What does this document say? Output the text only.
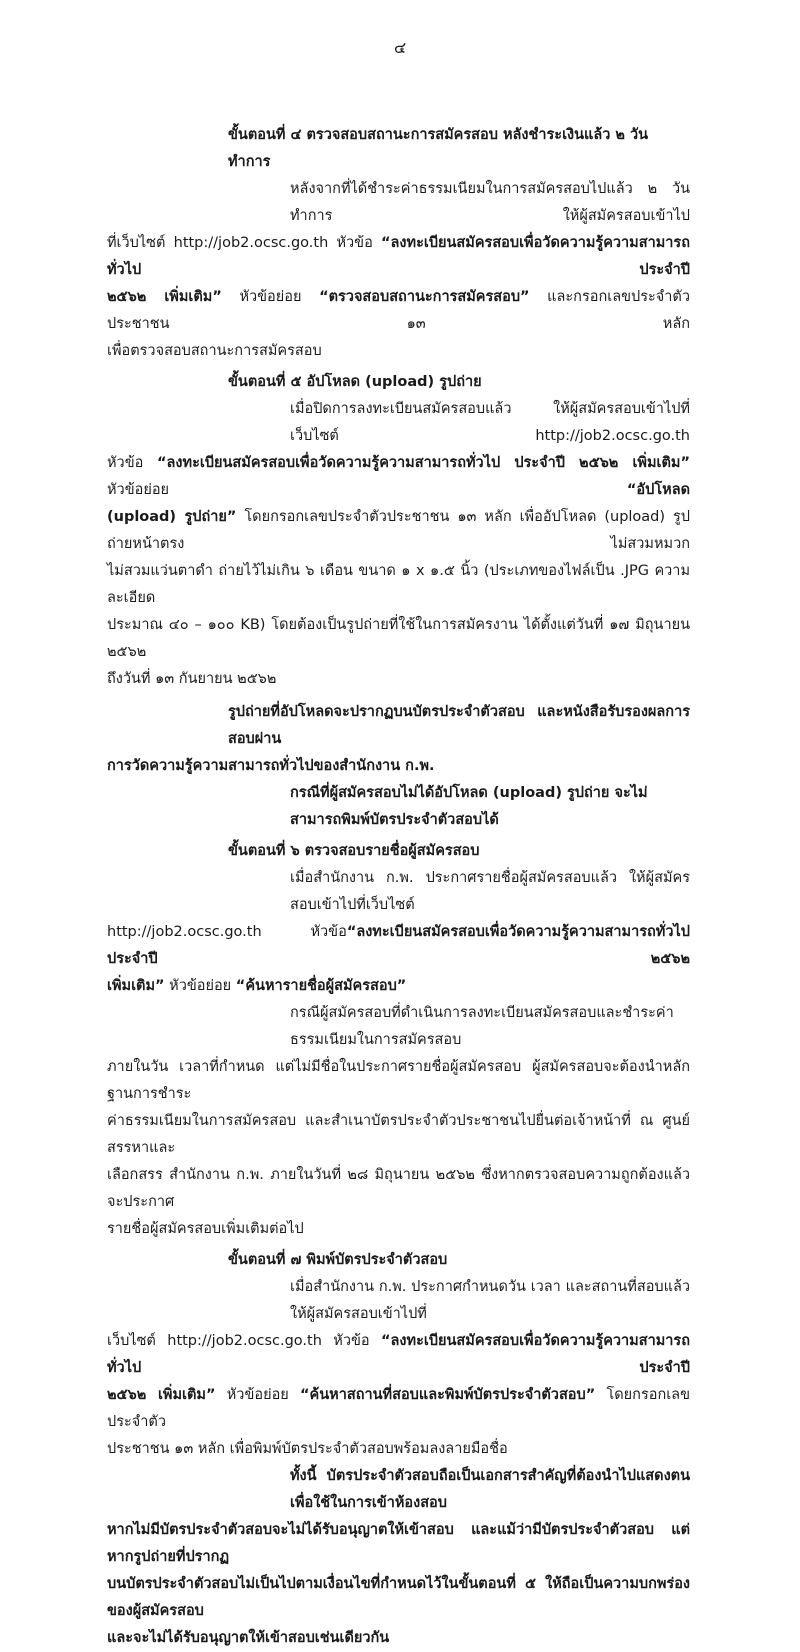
๔
ขั้นตอนที่ ๔ ตรวจสอบสถานะการสมัครสอบ หลังชำระเงินแล้ว ๒ วันทำการ
หลังจากที่ได้ชำระค่าธรรมเนียมในการสมัครสอบไปแล้ว ๒ วันทำการ ให้ผู้สมัครสอบเข้าไป
ที่เว็บไซต์ http://job2.ocsc.go.th หัวข้อ “ลงทะเบียนสมัครสอบเพื่อวัดความรู้ความสามารถทั่วไป ประจำปี
๒๕๖๒ เพิ่มเติม” หัวข้อย่อย “ตรวจสอบสถานะการสมัครสอบ” และกรอกเลขประจำตัวประชาชน ๑๓ หลัก
เพื่อตรวจสอบสถานะการสมัครสอบ
ขั้นตอนที่ ๕ อัปโหลด (upload) รูปถ่าย
เมื่อปิดการลงทะเบียนสมัครสอบแล้ว ให้ผู้สมัครสอบเข้าไปที่เว็บไซต์ http://job2.ocsc.go.th
หัวข้อ “ลงทะเบียนสมัครสอบเพื่อวัดความรู้ความสามารถทั่วไป ประจำปี ๒๕๖๒ เพิ่มเติม” หัวข้อย่อย “อัปโหลด
(upload) รูปถ่าย” โดยกรอกเลขประจำตัวประชาชน ๑๓ หลัก เพื่ออัปโหลด (upload) รูปถ่ายหน้าตรง ไม่สวมหมวก
ไม่สวมแว่นตาดำ ถ่ายไว้ไม่เกิน ๖ เดือน ขนาด ๑ x ๑.๕ นิ้ว (ประเภทของไฟล์เป็น .JPG ความละเอียด
ประมาณ ๔๐ – ๑๐๐ KB) โดยต้องเป็นรูปถ่ายที่ใช้ในการสมัครงาน ได้ตั้งแต่วันที่ ๑๗ มิถุนายน ๒๕๖๒
ถึงวันที่ ๑๓ กันยายน ๒๕๖๒
รูปถ่ายที่อัปโหลดจะปรากฏบนบัตรประจำตัวสอบ และหนังสือรับรองผลการสอบผ่าน
การวัดความรู้ความสามารถทั่วไปของสำนักงาน ก.พ.
กรณีที่ผู้สมัครสอบไม่ได้อัปโหลด (upload) รูปถ่าย จะไม่สามารถพิมพ์บัตรประจำตัวสอบได้
ขั้นตอนที่ ๖ ตรวจสอบรายชื่อผู้สมัครสอบ
เมื่อสำนักงาน ก.พ. ประกาศรายชื่อผู้สมัครสอบแล้ว ให้ผู้สมัครสอบเข้าไปที่เว็บไซต์
http://job2.ocsc.go.th หัวข้อ“ลงทะเบียนสมัครสอบเพื่อวัดความรู้ความสามารถทั่วไป ประจำปี ๒๕๖๒
เพิ่มเติม” หัวข้อย่อย “ค้นหารายชื่อผู้สมัครสอบ”
กรณีผู้สมัครสอบที่ดำเนินการลงทะเบียนสมัครสอบและชำระค่าธรรมเนียมในการสมัครสอบ
ภายในวัน เวลาที่กำหนด แต่ไม่มีชื่อในประกาศรายชื่อผู้สมัครสอบ ผู้สมัครสอบจะต้องนำหลักฐานการชำระ
ค่าธรรมเนียมในการสมัครสอบ และสำเนาบัตรประจำตัวประชาชนไปยื่นต่อเจ้าหน้าที่ ณ ศูนย์สรรหาและ
เลือกสรร สำนักงาน ก.พ. ภายในวันที่ ๒๘ มิถุนายน ๒๕๖๒ ซึ่งหากตรวจสอบความถูกต้องแล้ว จะประกาศ
รายชื่อผู้สมัครสอบเพิ่มเติมต่อไป
ขั้นตอนที่ ๗ พิมพ์บัตรประจำตัวสอบ
เมื่อสำนักงาน ก.พ. ประกาศกำหนดวัน เวลา และสถานที่สอบแล้ว ให้ผู้สมัครสอบเข้าไปที่
เว็บไซต์ http://job2.ocsc.go.th หัวข้อ “ลงทะเบียนสมัครสอบเพื่อวัดความรู้ความสามารถทั่วไป ประจำปี
๒๕๖๒ เพิ่มเติม” หัวข้อย่อย “ค้นหาสถานที่สอบและพิมพ์บัตรประจำตัวสอบ” โดยกรอกเลขประจำตัว
ประชาชน ๑๓ หลัก เพื่อพิมพ์บัตรประจำตัวสอบพร้อมลงลายมือชื่อ
ทั้งนี้ บัตรประจำตัวสอบถือเป็นเอกสารสำคัญที่ต้องนำไปแสดงตนเพื่อใช้ในการเข้าห้องสอบ
หากไม่มีบัตรประจำตัวสอบจะไม่ได้รับอนุญาตให้เข้าสอบ และแม้ว่ามีบัตรประจำตัวสอบ แต่หากรูปถ่ายที่ปรากฏ
บนบัตรประจำตัวสอบไม่เป็นไปตามเงื่อนไขที่กำหนดไว้ในขั้นตอนที่ ๕ ให้ถือเป็นความบกพร่องของผู้สมัครสอบ
และจะไม่ได้รับอนุญาตให้เข้าสอบเช่นเดียวกัน
